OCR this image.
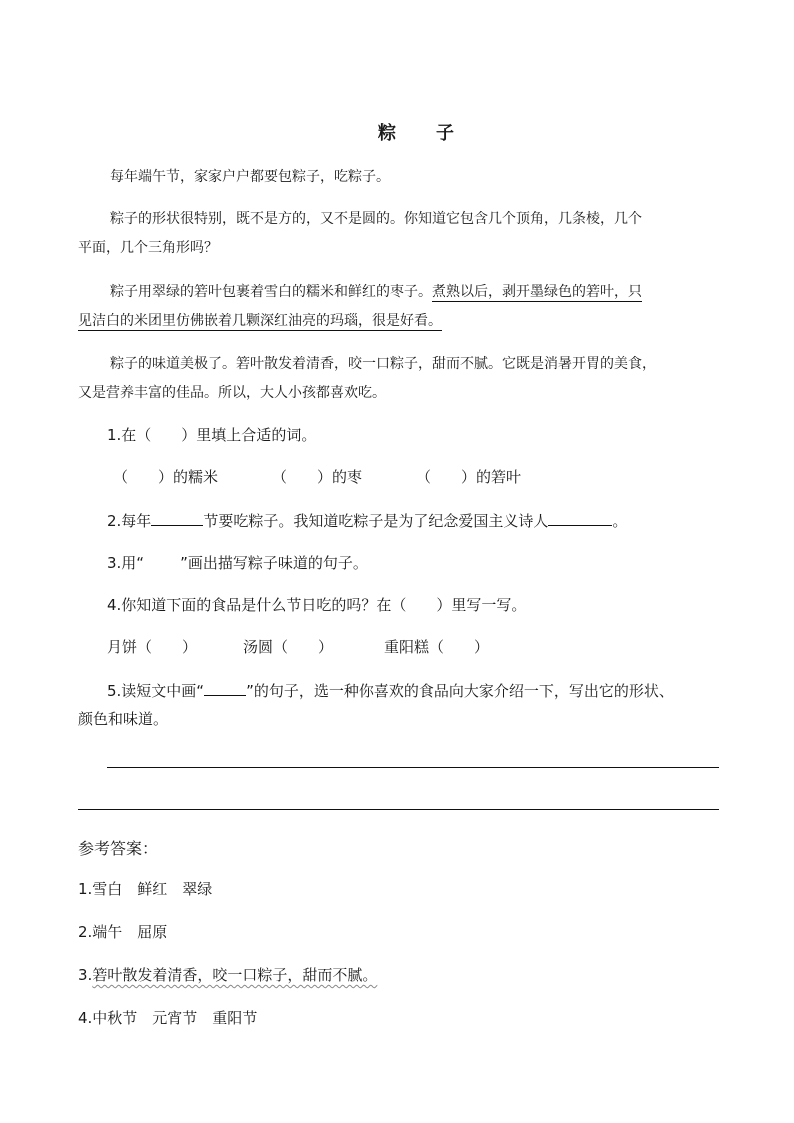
粽 子
每年端午节，家家户户都要包粽子，吃粽子。
粽子的形状很特别，既不是方的，又不是圆的。你知道它包含几个顶角，几条棱，几个
平面，几个三角形吗？
粽子用翠绿的箬叶包裹着雪白的糯米和鲜红的枣子。煮熟以后，剥开墨绿色的箬叶，只
见洁白的米团里仿佛嵌着几颗深红油亮的玛瑙，很是好看。
粽子的味道美极了。箬叶散发着清香，咬一口粽子，甜而不腻。它既是消暑开胃的美食，
又是营养丰富的佳品。所以，大人小孩都喜欢吃。
1.在（　　）里填上合适的词。
（　　）的糯米	（　　）的枣	（　　）的箬叶
2.每年	节要吃粽子。我知道吃粽子是为了纪念爱国主义诗人	。
3.用“ ”画出描写粽子味道的句子。
4.你知道下面的食品是什么节日吃的吗？在（　　）里写一写。
月饼（　　）	汤圆（　　）	重阳糕（　　）
5.读短文中画“	”的句子，选一种你喜欢的食品向大家介绍一下，写出它的形状、
颜色和味道。
参考答案：
1.雪白　鲜红　翠绿
2.端午　屈原
3.箬叶散发着清香，咬一口粽子，甜而不腻。
4.中秋节　元宵节　重阳节
